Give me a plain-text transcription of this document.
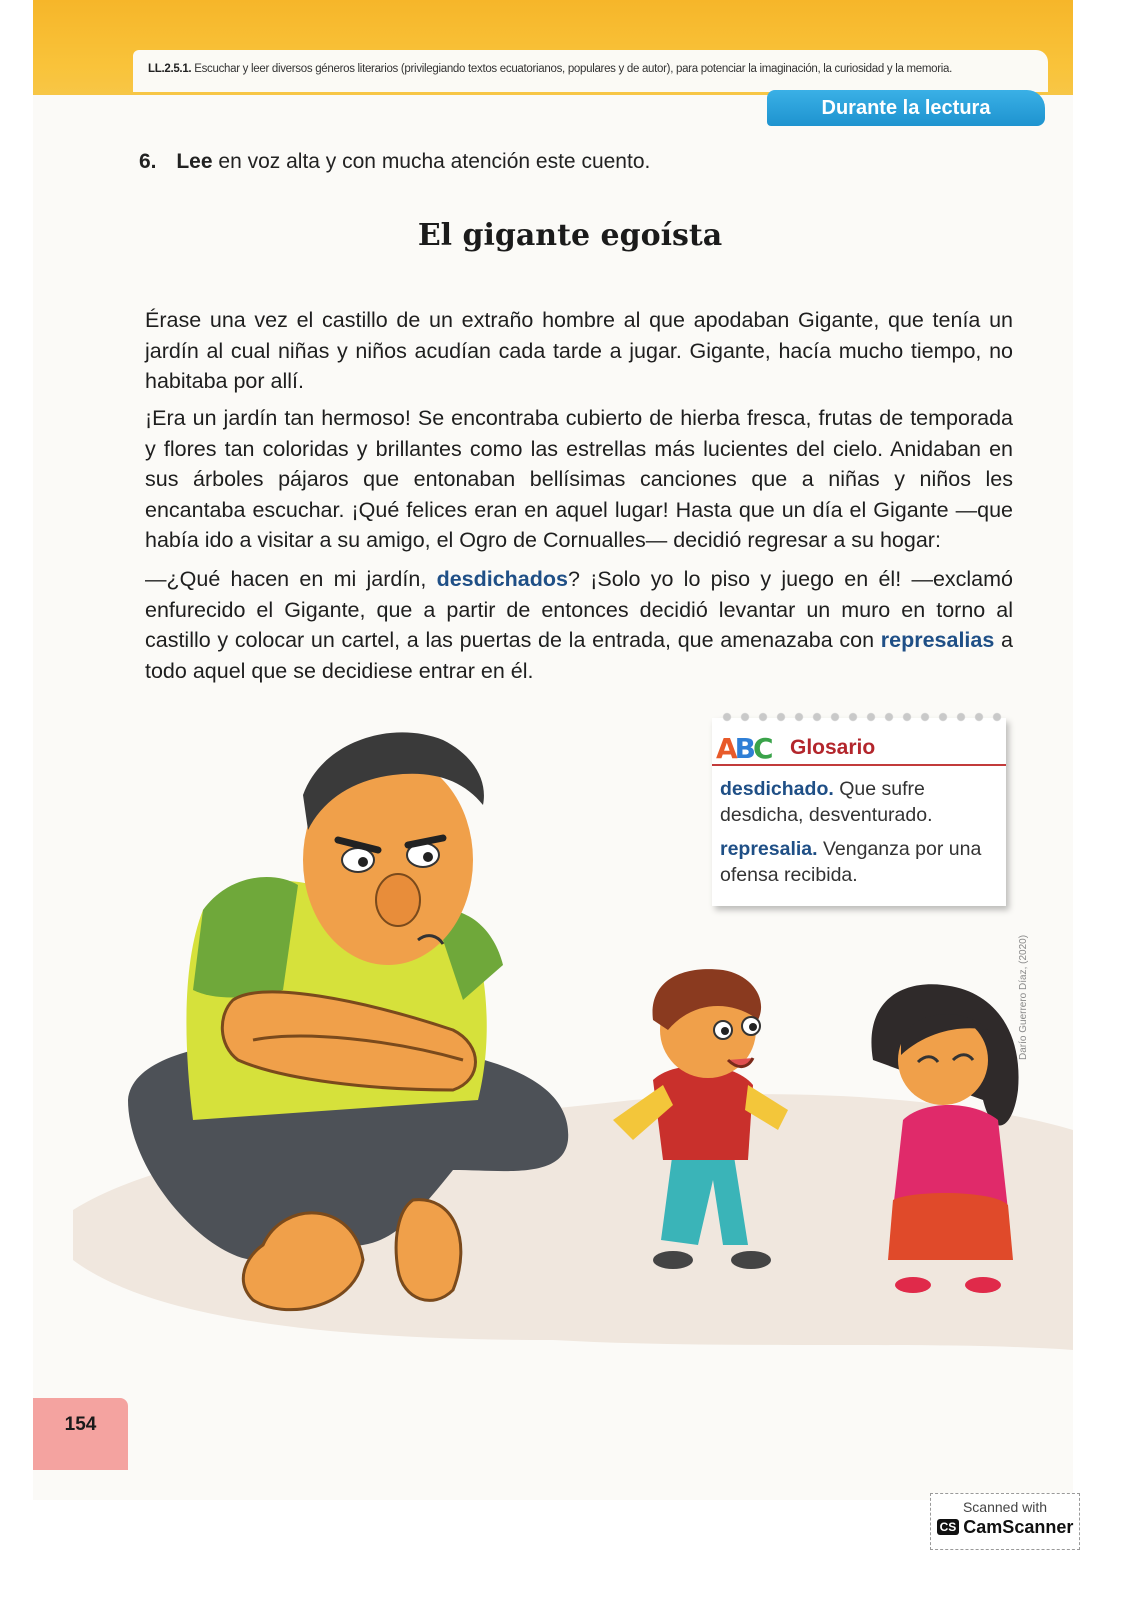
LL.2.5.1. Escuchar y leer diversos géneros literarios (privilegiando textos ecuatorianos, populares y de autor), para potenciar la imaginación, la curiosidad y la memoria.
Durante la lectura
6. Lee en voz alta y con mucha atención este cuento.
El gigante egoísta
Érase una vez el castillo de un extraño hombre al que apodaban Gigante, que tenía un jardín al cual niñas y niños acudían cada tarde a jugar. Gigante, hacía mucho tiempo, no habitaba por allí.
¡Era un jardín tan hermoso! Se encontraba cubierto de hierba fresca, frutas de temporada y flores tan coloridas y brillantes como las estrellas más lucientes del cielo. Anidaban en sus árboles pájaros que entonaban bellísimas canciones que a niñas y niños les encantaba escuchar. ¡Qué felices eran en aquel lugar! Hasta que un día el Gigante —que había ido a visitar a su amigo, el Ogro de Cornualles— decidió regresar a su hogar:
—¿Qué hacen en mi jardín, desdichados? ¡Solo yo lo piso y juego en él! —exclamó enfurecido el Gigante, que a partir de entonces decidió levantar un muro en torno al castillo y colocar un cartel, a las puertas de la entrada, que amenazaba con represalias a todo aquel que se decidiese entrar en él.
Darío Guerrero Díaz, (2020)
ABC Glosario
desdichado. Que sufre desdicha, desventurado.
represalia. Venganza por una ofensa recibida.
154
Scanned with
CS CamScanner
